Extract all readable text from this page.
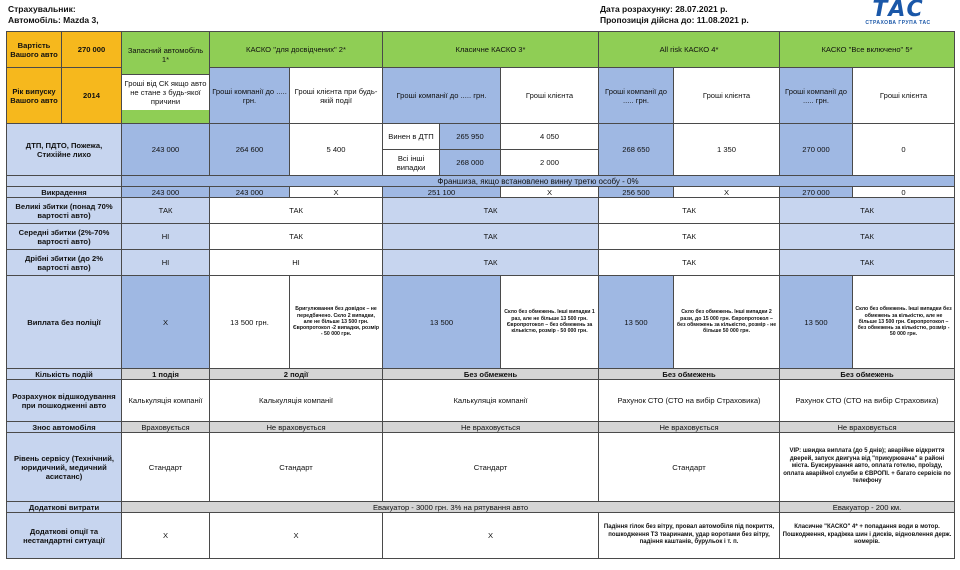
Страхувальник:
Автомобіль: Mazda 3,
Дата розрахунку: 28.07.2021 р.
Пропозиція дійсна до: 11.08.2021 р.	ТАС
СТРАХОВА ГРУПА ТАС
Вартість Вашого авто	270 000	Запасний автомобіль 1*
Гроші від СК якщо авто не стане з будь-якої причини	КАСКО "для досвідчених" 2*		Класичне КАСКО 3*			All risk КАСКО 4*		КАСКО "Все включено" 5*	
Рік випуску Вашого авто	2014		Гроші компанії до ..... грн.	Гроші клієнта при будь-якій події	Гроші компанії до ..... грн.		Гроші клієнта	Гроші компанії до ..... грн.	Гроші клієнта	Гроші компанії до ..... грн.	Гроші клієнта
ДТП, ПДТО, Пожежа, Стихійне лихо		243 000	264 600	5 400	Винен в ДТП	265 950	4 050	268 650	1 350	270 000	0
					Всі інші випадки	268 000	2 000				
		Франшиза, якщо встановлено винну третю особу - 0%									
Викрадення		243 000	243 000	X	251 100		X	256 500	X	270 000	0
Великі збитки (понад 70% вартості авто)		ТАК	ТАК		ТАК			ТАК		ТАК	
Середні збитки (2%-70% вартості авто)		НІ	ТАК		ТАК			ТАК		ТАК	
Дрібні збитки (до 2% вартості авто)		НІ	НІ		ТАК			ТАК		ТАК	
Виплата без поліції		X	13 500 грн.	Бригулювання без довідок – не передбачено. Скло 2 випадки, але не більше 13 500 грн. Європротокол -2 випадки, розмір - 50 000 грн.	13 500		Скло без обмежень. Інші випадки 1 раз, але не більше 13 500 грн. Європротокол – без обмежень за кількістю, розмір - 50 000 грн.	13 500	Скло без обмежень. Інші випадки 2 рази, до 15 000 грн. Європротокол – без обмежень за кількістю, розмір - не більше 50 000 грн.	13 500	Скло без обмежень. Інші випадки без обмежень за кількістю, але не більше 13 500 грн. Європротокол – без обмежень за кількістю, розмір - 50 000 грн.
Кількість подій		1 подія	2 події		Без обмежень			Без обмежень		Без обмежень	
Розрахунок відшкодування при пошкодженні авто		Калькуляція компанії	Калькуляція компанії		Калькуляція компанії			Рахунок СТО (СТО на вибір Страховика)		Рахунок СТО (СТО на вибір Страховика)	
Знос автомобіля		Враховується	Не враховується		Не враховується			Не враховується		Не враховується	
Рівень сервісу (Технічний, юридичний, медичний асистанс)		Стандарт	Стандарт		Стандарт			Стандарт		VIP: швидка виплата (до 5 днів); аварійне відкриття дверей, запуск двигуна від "прикурювача" в районі міста. Буксирування авто, оплата готелю, проїзду, оплата аварійної служби в ЄВРОПІ. + багато сервісів по телефону	
Додаткові витрати		Евакуатор - 3000 грн. 3% на рятування авто								Евакуатор - 200 км.	
Додаткові опції та нестандартні ситуації		X	X		X			Падіння гілок без вітру, провал автомобіля під покриття, пошкодження ТЗ тваринами, удар воротами без вітру, падіння каштанів, бурульок і т. п.		Класичне "КАСКО" 4* + попадання води в мотор. Пошкодження, крадіжка шин і дисків, відновлення держ. номерів.	
